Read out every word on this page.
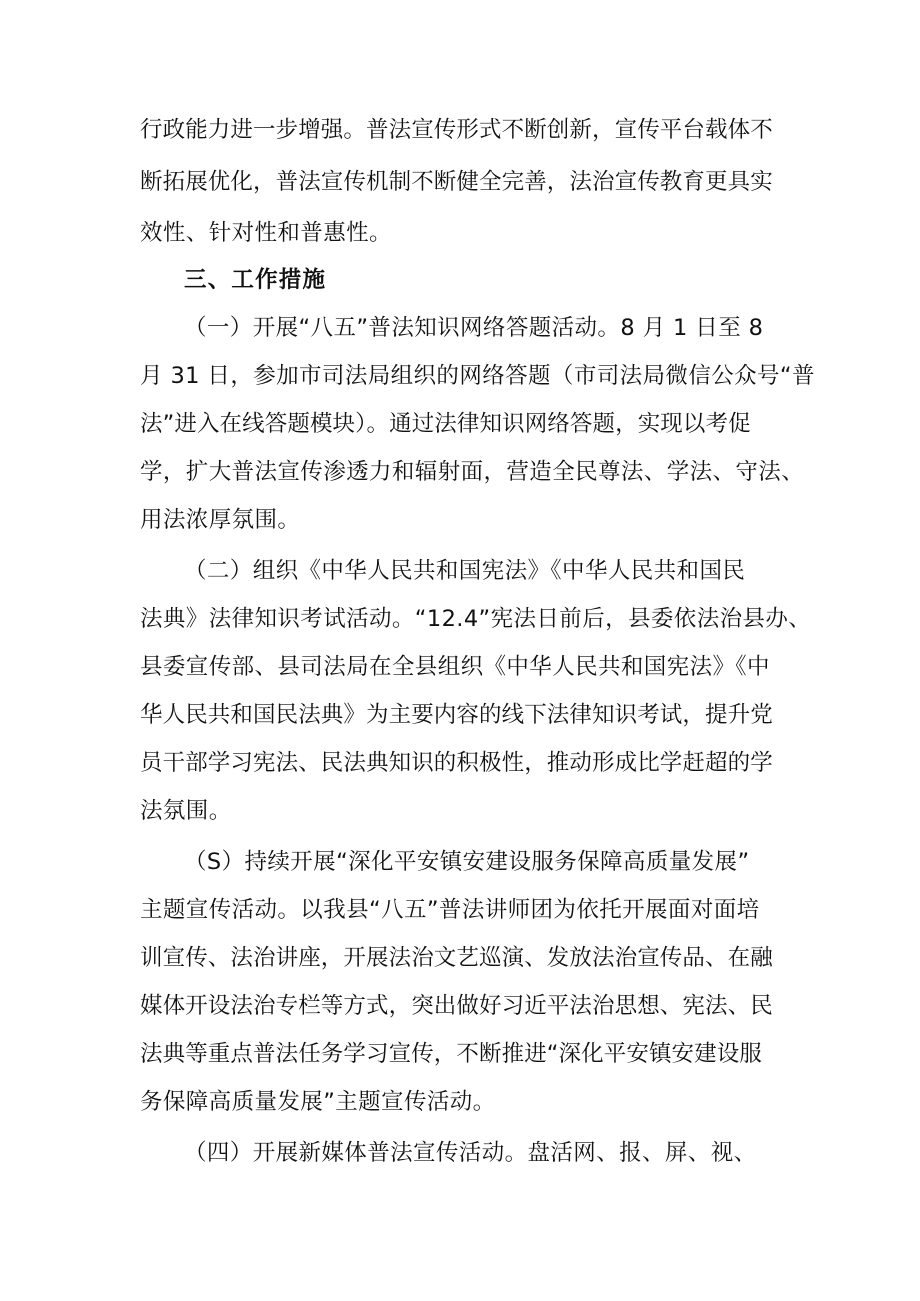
行政能力进一步增强。普法宣传形式不断创新，宣传平台载体不
断拓展优化，普法宣传机制不断健全完善，法治宣传教育更具实
效性、针对性和普惠性。
三、工作措施
（一）开展“八五”普法知识网络答题活动。8 月 1 日至 8
月 31 日，参加市司法局组织的网络答题（市司法局微信公众号“普
法”进入在线答题模块）。通过法律知识网络答题，实现以考促
学，扩大普法宣传渗透力和辐射面，营造全民尊法、学法、守法、
用法浓厚氛围。
（二）组织《中华人民共和国宪法》《中华人民共和国民
法典》法律知识考试活动。“12.4”宪法日前后，县委依法治县办、
县委宣传部、县司法局在全县组织《中华人民共和国宪法》《中
华人民共和国民法典》为主要内容的线下法律知识考试，提升党
员干部学习宪法、民法典知识的积极性，推动形成比学赶超的学
法氛围。
（S）持续开展“深化平安镇安建设服务保障高质量发展”
主题宣传活动。以我县“八五”普法讲师团为依托开展面对面培
训宣传、法治讲座，开展法治文艺巡演、发放法治宣传品、在融
媒体开设法治专栏等方式，突出做好习近平法治思想、宪法、民
法典等重点普法任务学习宣传，不断推进“深化平安镇安建设服
务保障高质量发展”主题宣传活动。
（四）开展新媒体普法宣传活动。盘活网、报、屏、视、
